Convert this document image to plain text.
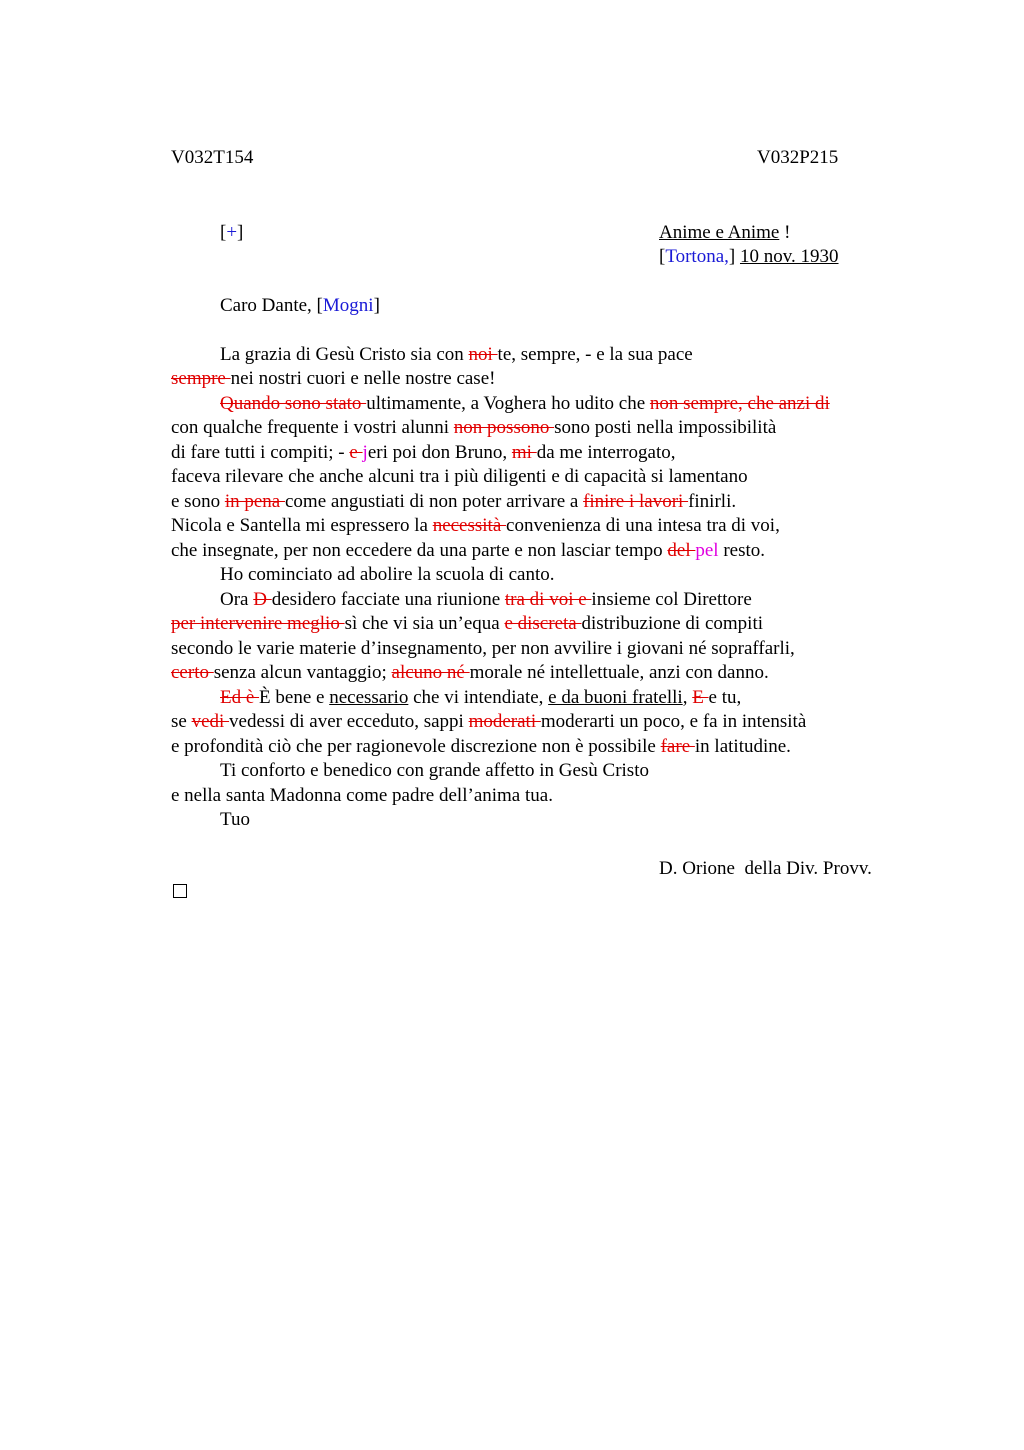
V032T154	V032P215
[+]	Anime e Anime !
[Tortona,] 10 nov. 1930
Caro Dante, [Mogni]
La grazia di Gesù Cristo sia con noi te, sempre, - e la sua pace
sempre nei nostri cuori e nelle nostre case!
Quando sono stato ultimamente, a Voghera ho udito che non sempre, che anzi di
con qualche frequente i vostri alunni non possono sono posti nella impossibilità
di fare tutti i compiti; - e jeri poi don Bruno, mi da me interrogato,
faceva rilevare che anche alcuni tra i più diligenti e di capacità si lamentano
e sono in pena come angustiati di non poter arrivare a finire i lavori finirli.
Nicola e Santella mi espressero la necessità convenienza di una intesa tra di voi,
che insegnate, per non eccedere da una parte e non lasciar tempo del pel resto.
Ho cominciato ad abolire la scuola di canto.
Ora D desidero facciate una riunione tra di voi e insieme col Direttore
per intervenire meglio sì che vi sia un’equa e discreta distribuzione di compiti
secondo le varie materie d’insegnamento, per non avvilire i giovani né sopraffarli,
certo senza alcun vantaggio; alcuno né morale né intellettuale, anzi con danno.
Ed è È bene e necessario che vi intendiate, e da buoni fratelli, E e tu,
se vedi vedessi di aver ecceduto, sappi moderati moderarti un poco, e fa in intensità
e profondità ciò che per ragionevole discrezione non è possibile fare in latitudine.
Ti conforto e benedico con grande affetto in Gesù Cristo
e nella santa Madonna come padre dell’anima tua.
Tuo
D. Orione  della Div. Provv.
